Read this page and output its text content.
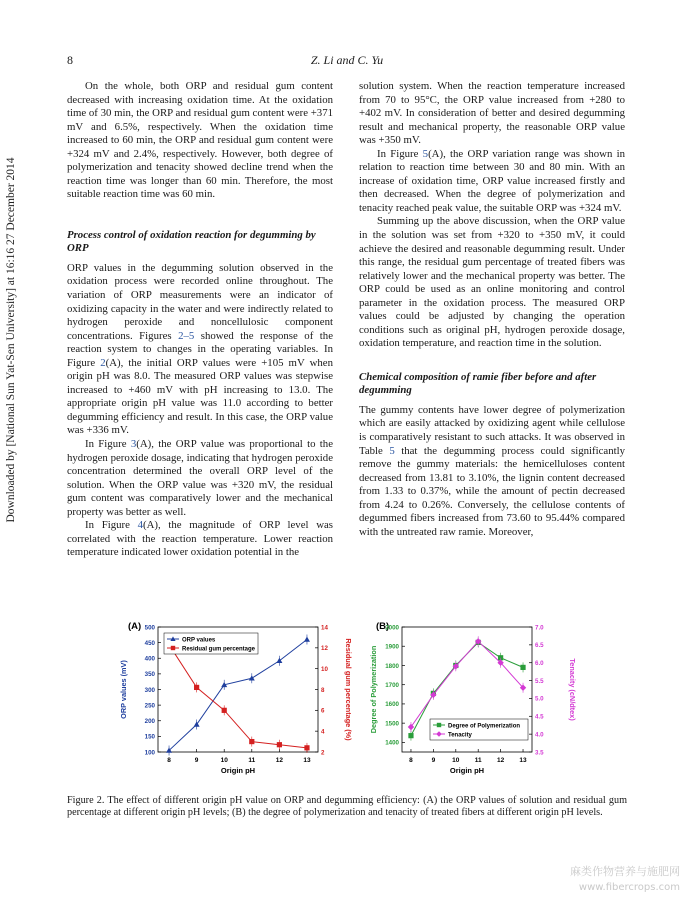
Downloaded by [National Sun Yat-Sen University] at 16:16 27 December 2014
8	Z. Li and C. Yu

On the whole, both ORP and residual gum content decreased with increasing oxidation time. At the oxidation time of 30 min, the ORP and residual gum content were +371 mV and 6.5%, respectively. When the oxidation time increased to 60 min, the ORP and residual gum content were +324 mV and 2.4%, respectively. However, both degree of polymerization and tenacity showed decline trend when the reaction time was longer than 60 min. Therefore, the most suitable reaction time was 60 min.

Process control of oxidation reaction for degumming by ORP

ORP values in the degumming solution observed in the oxidation process were recorded online throughout. The variation of ORP measurements were an indicator of oxidizing capacity in the water and were indirectly related to hydrogen peroxide and noncellulosic component concentrations. Figures 2–5 showed the response of the reaction system to changes in the operating variables. In Figure 2(A), the initial ORP values were +105 mV when origin pH was 8.0. The measured ORP values was stepwise increased to +460 mV with pH increasing to 13.0. The appropriate origin pH value was 11.0 according to better degumming efficiency and result. In this case, the ORP value was +336 mV.

In Figure 3(A), the ORP value was proportional to the hydrogen peroxide dosage, indicating that hydrogen peroxide concentration determined the overall ORP level of the solution. When the ORP value was +320 mV, the residual gum content was comparatively lower and the mechanical property was better as well.

In Figure 4(A), the magnitude of ORP level was correlated with the reaction temperature. Lower reaction temperature indicated lower oxidation potential in the

solution system. When the reaction temperature increased from 70 to 95°C, the ORP value increased from +280 to +402 mV. In consideration of better and desired degumming result and mechanical property, the reasonable ORP value was +350 mV.

In Figure 5(A), the ORP variation range was shown in relation to reaction time between 30 and 80 min. With an increase of oxidation time, ORP value increased firstly and then decreased. When the degree of polymerization and tenacity reached peak value, the suitable ORP was +324 mV.

Summing up the above discussion, when the ORP value in the solution was set from +320 to +350 mV, it could achieve the desired and reasonable degumming result. Under this range, the residual gum percentage of treated fibers was relatively lower and the mechanical property was better. The ORP could be used as an online monitoring and control parameter in the oxidation process. The measured ORP values could be adjusted by changing the operation conditions such as original pH, hydrogen peroxide dosage, oxidation temperature, and reaction time in the solution.

Chemical composition of ramie fiber before and after degumming

The gummy contents have lower degree of polymerization which are easily attacked by oxidizing agent while cellulose is comparatively resistant to such attacks. It was observed in Table 5 that the degumming process could significantly remove the gummy materials: the hemicelluloses content decreased from 13.81 to 3.10%, the lignin content decreased from 1.33 to 0.37%, while the amount of pectin decreased from 4.24 to 0.26%. Conversely, the cellulose contents of degummed fibers increased from 73.60 to 95.44% compared with the untreated raw ramie. Moreover,

(A)
8	9	10	11	12	13
Origin pH
100
150
200
250
300
350
400
450
500
2
4
6
8
10
12
14
ORP values (mV)	Residual gum percentage (%)
ORP values
Residual gum percentage
(B)
8	9	10 11 12 13
Origin pH
1400
1500
1600
1700
1800
1900
2000
3.5
4.0
4.5
5.0
5.5
6.0
6.5
7.0
Degree of Polymerization	Tenacity (cN/dtex)
Degree of Polymerization
Tenacity
Figure 2. The effect of different origin pH value on ORP and degumming efficiency: (A) the ORP values of solution and residual gum percentage at different origin pH levels; (B) the degree of polymerization and tenacity of treated fibers at different origin pH levels.
麻类作物营养与施肥网
www.fibercrops.com
